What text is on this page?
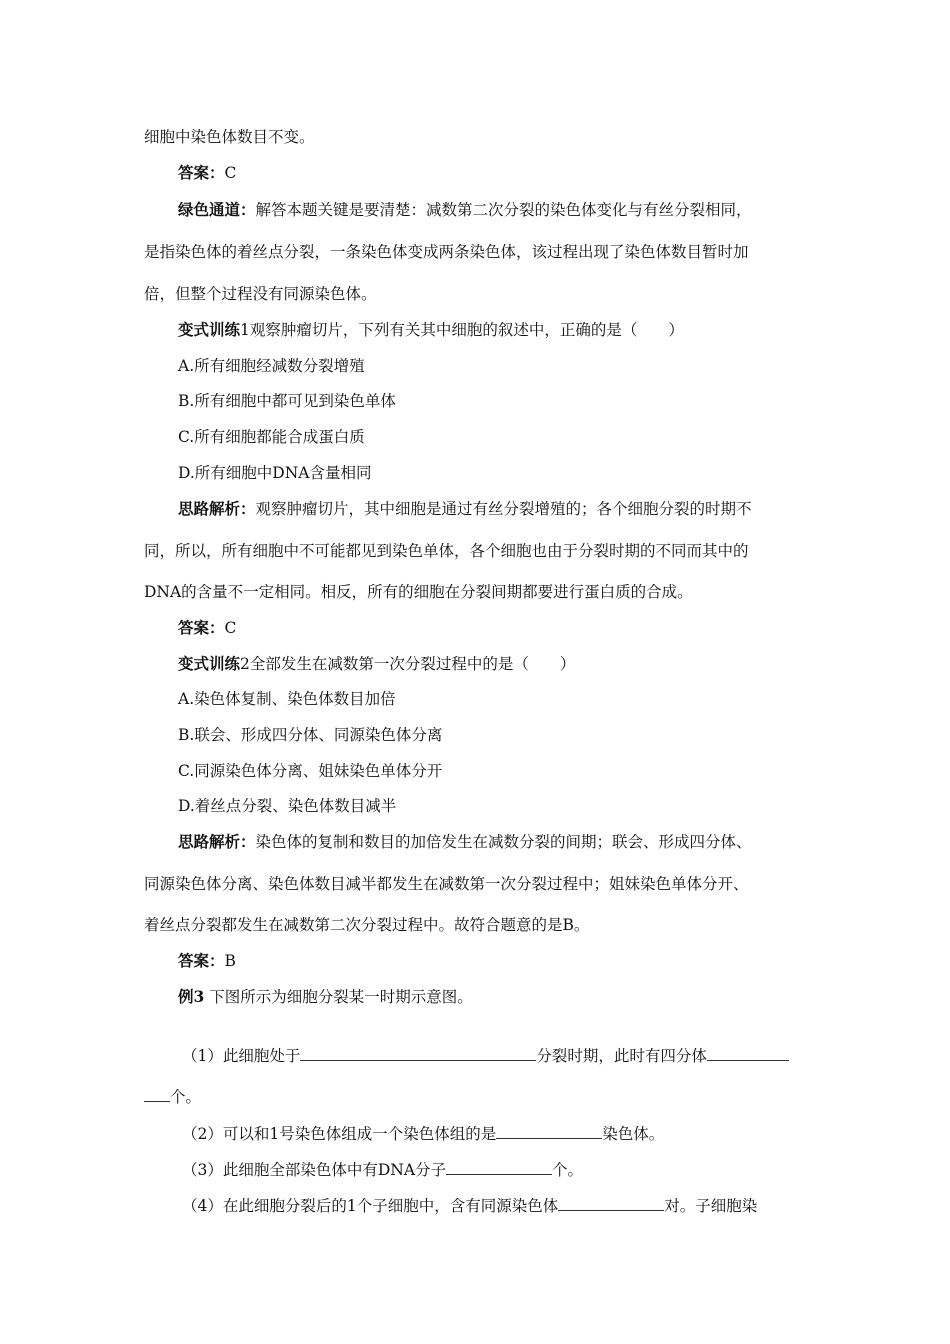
细胞中染色体数目不变。
答案：C
绿色通道：解答本题关键是要清楚：减数第二次分裂的染色体变化与有丝分裂相同，
是指染色体的着丝点分裂，一条染色体变成两条染色体，该过程出现了染色体数目暂时加
倍，但整个过程没有同源染色体。
变式训练1观察肿瘤切片，下列有关其中细胞的叙述中，正确的是（　　）
A.所有细胞经减数分裂增殖
B.所有细胞中都可见到染色单体
C.所有细胞都能合成蛋白质
D.所有细胞中DNA含量相同
思路解析：观察肿瘤切片，其中细胞是通过有丝分裂增殖的；各个细胞分裂的时期不
同，所以，所有细胞中不可能都见到染色单体，各个细胞也由于分裂时期的不同而其中的
DNA的含量不一定相同。相反，所有的细胞在分裂间期都要进行蛋白质的合成。
答案：C
变式训练2全部发生在减数第一次分裂过程中的是（　　）
A.染色体复制、染色体数目加倍
B.联会、形成四分体、同源染色体分离
C.同源染色体分离、姐妹染色单体分开
D.着丝点分裂、染色体数目减半
思路解析：染色体的复制和数目的加倍发生在减数分裂的间期；联会、形成四分体、
同源染色体分离、染色体数目减半都发生在减数第一次分裂过程中；姐妹染色单体分开、
着丝点分裂都发生在减数第二次分裂过程中。故符合题意的是B。
答案：B
例3 下图所示为细胞分裂某一时期示意图。
（1）此细胞处于	分裂时期，此时有四分体
个。
（2）可以和1号染色体组成一个染色体组的是	染色体。
（3）此细胞全部染色体中有DNA分子	个。
（4）在此细胞分裂后的1个子细胞中，含有同源染色体	对。子细胞染
